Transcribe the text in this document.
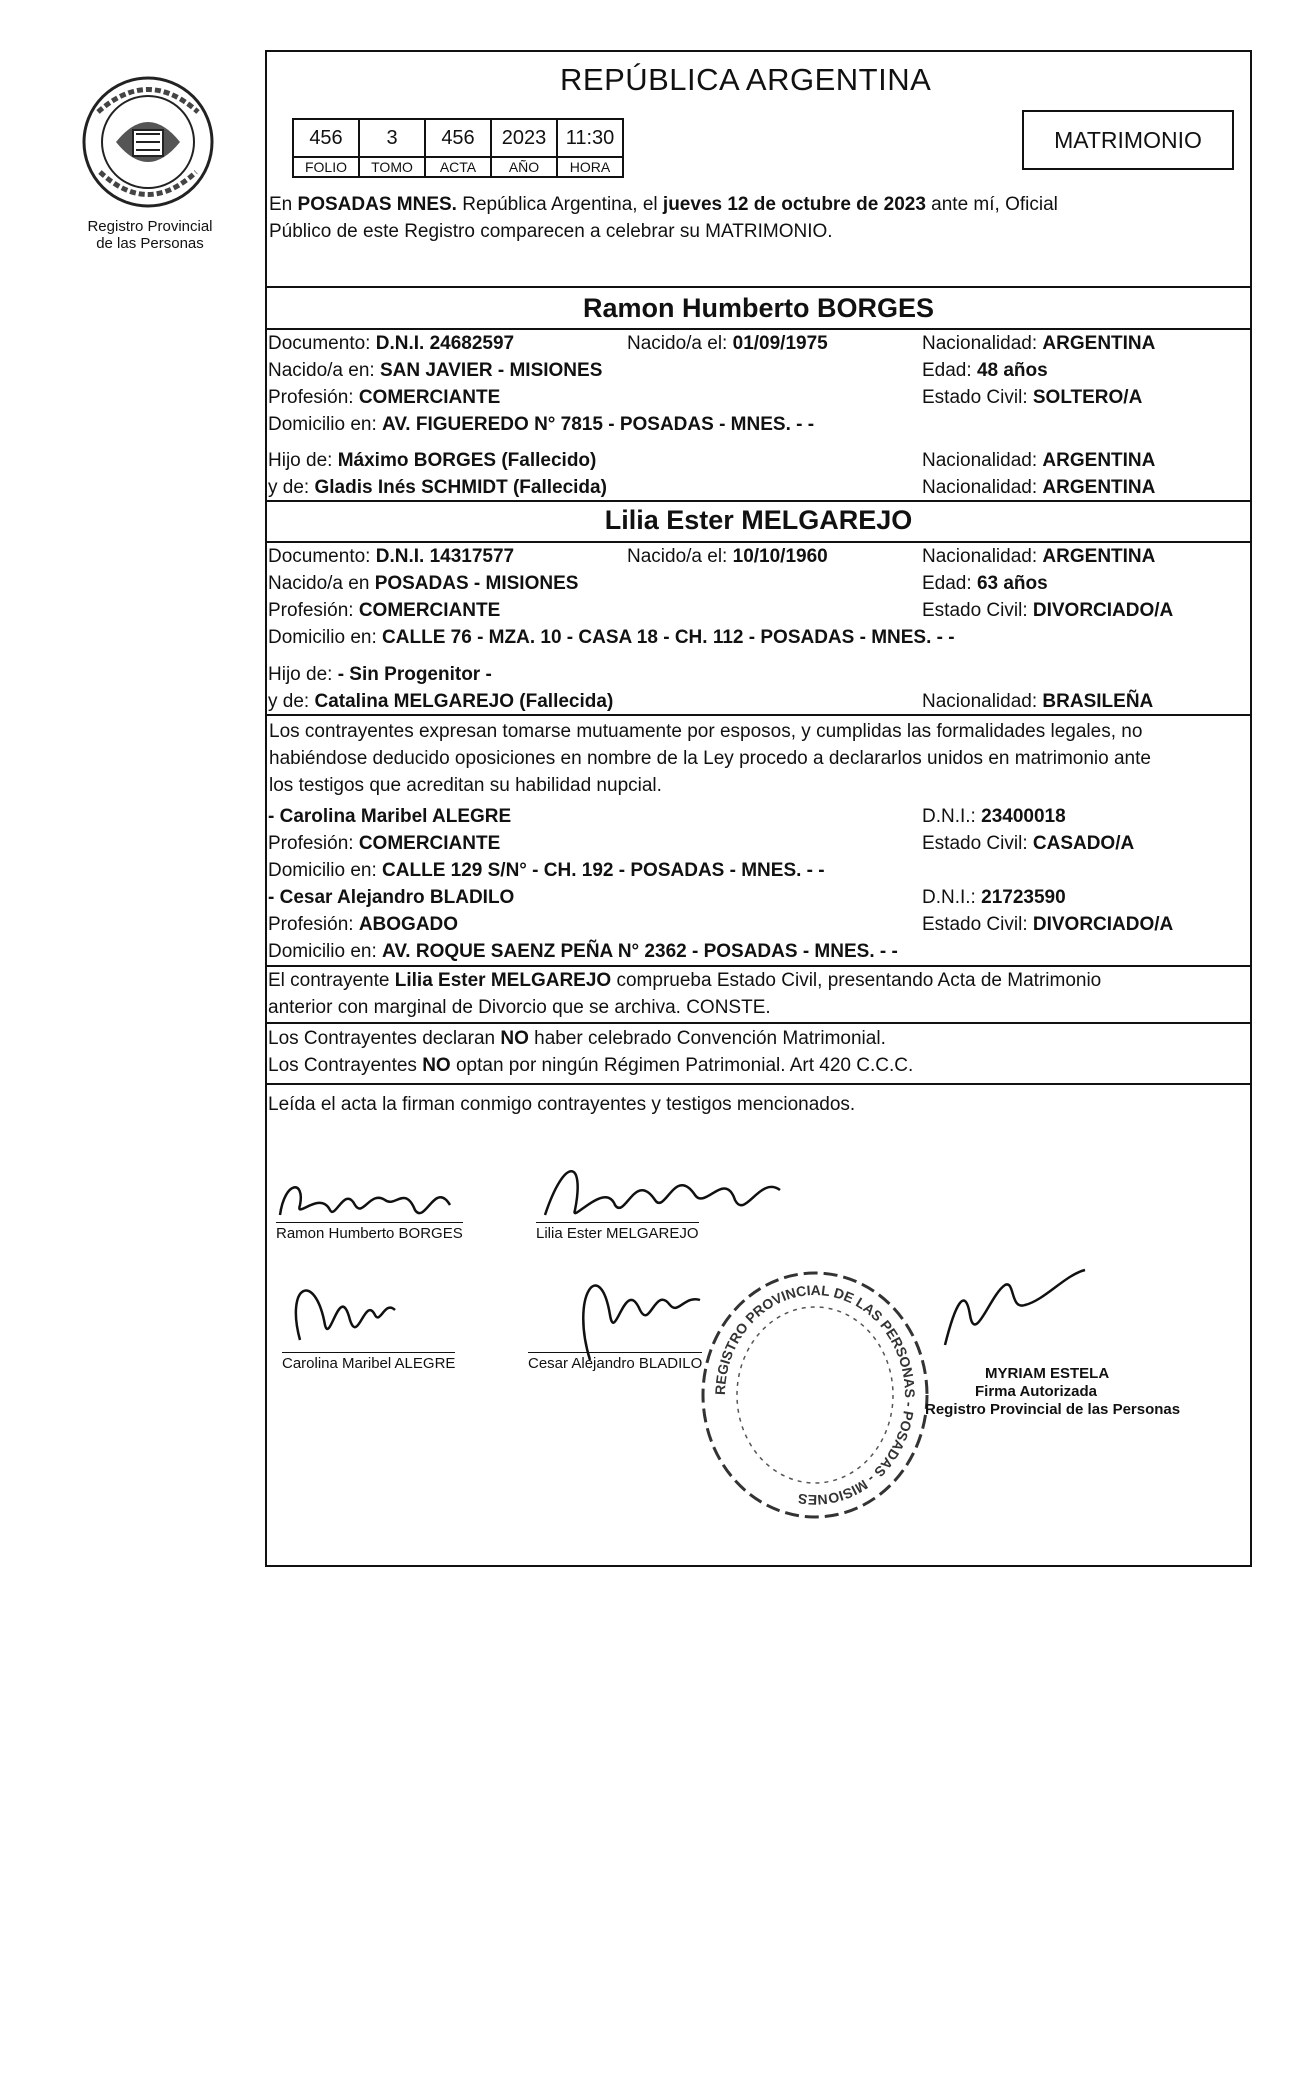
Registro Provincial
de las Personas
REPÚBLICA ARGENTINA
456	3	456	2023	11:30
FOLIO	TOMO	ACTA	AÑO	HORA
MATRIMONIO
En POSADAS MNES. República Argentina, el jueves 12 de octubre de 2023 ante mí, Oficial
Público de este Registro comparecen a celebrar su MATRIMONIO.
Ramon Humberto BORGES
Documento: D.N.I. 24682597	Nacido/a el: 01/09/1975	Nacionalidad: ARGENTINA
Nacido/a en: SAN JAVIER - MISIONES	Edad: 48 años
Profesión: COMERCIANTE	Estado Civil: SOLTERO/A
Domicilio en: AV. FIGUEREDO N° 7815 - POSADAS - MNES. - -
Hijo de: Máximo BORGES (Fallecido)	Nacionalidad: ARGENTINA
y de: Gladis Inés SCHMIDT (Fallecida)	Nacionalidad: ARGENTINA
Lilia Ester MELGAREJO
Documento: D.N.I. 14317577	Nacido/a el: 10/10/1960	Nacionalidad: ARGENTINA
Nacido/a en POSADAS - MISIONES	Edad: 63 años
Profesión: COMERCIANTE	Estado Civil: DIVORCIADO/A
Domicilio en: CALLE 76 - MZA. 10 - CASA 18 - CH. 112 - POSADAS - MNES. - -
Hijo de: - Sin Progenitor -
y de: Catalina MELGAREJO (Fallecida)	Nacionalidad: BRASILEÑA
Los contrayentes expresan tomarse mutuamente por esposos, y cumplidas las formalidades legales, no
habiéndose deducido oposiciones en nombre de la Ley procedo a declararlos unidos en matrimonio ante
los testigos que acreditan su habilidad nupcial.
- Carolina Maribel ALEGRE	D.N.I.: 23400018
Profesión: COMERCIANTE	Estado Civil: CASADO/A
Domicilio en: CALLE 129 S/N° - CH. 192 - POSADAS - MNES. - -
- Cesar Alejandro BLADILO	D.N.I.: 21723590
Profesión: ABOGADO	Estado Civil: DIVORCIADO/A
Domicilio en: AV. ROQUE SAENZ PEÑA N° 2362 - POSADAS - MNES. - -
El contrayente Lilia Ester MELGAREJO comprueba Estado Civil, presentando Acta de Matrimonio
anterior con marginal de Divorcio que se archiva. CONSTE.
Los Contrayentes declaran NO haber celebrado Convención Matrimonial.
Los Contrayentes NO optan por ningún Régimen Patrimonial. Art 420 C.C.C.
Leída el acta la firman conmigo contrayentes y testigos mencionados.
Ramon Humberto BORGES	Lilia Ester MELGAREJO
Carolina Maribel ALEGRE	Cesar Alejandro BLADILO
REGISTRO PROVINCIAL DE LAS PERSONAS - POSADAS - MISIONES
MYRIAM ESTELA
Firma Autorizada
Registro Provincial de las Personas
